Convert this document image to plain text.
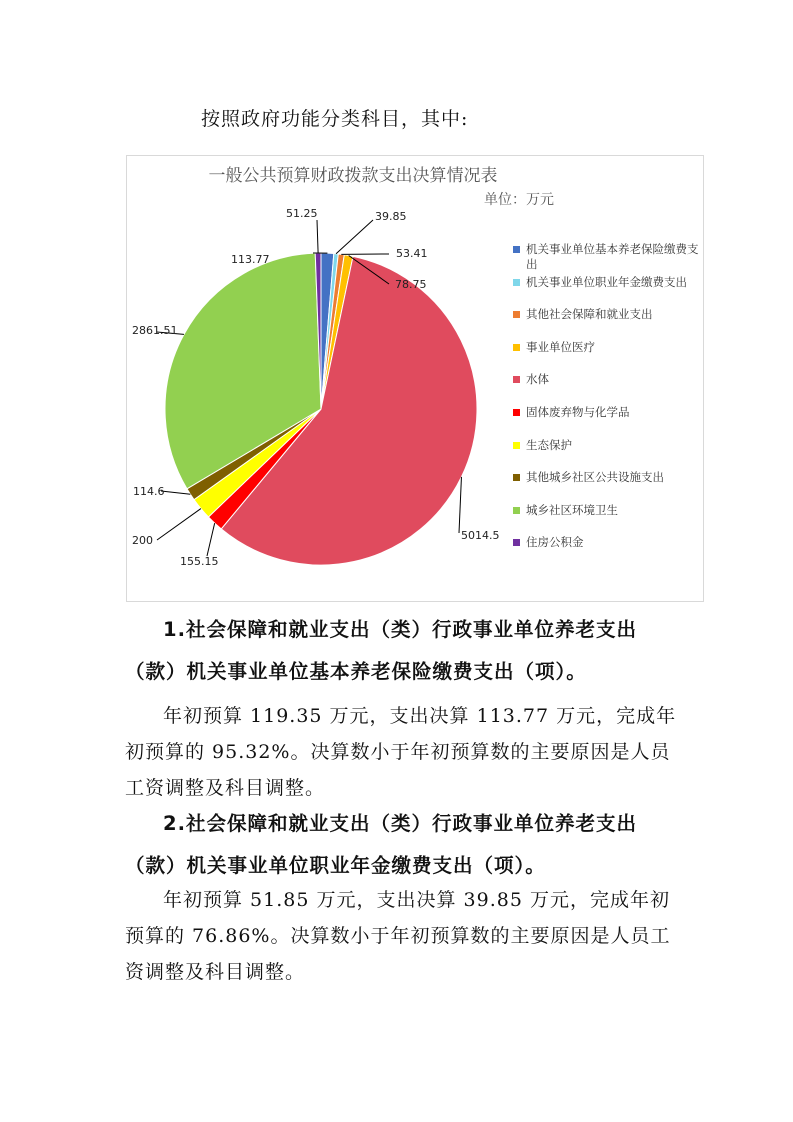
按照政府功能分类科目，其中:
一般公共预算财政拨款支出决算情况表
单位：万元
113.77
39.85
53.41
78.75
5014.5
155.15
200
114.6
2861.51
51.25
机关事业单位基本养老保险缴费支出
机关事业单位职业年金缴费支出
其他社会保障和就业支出
事业单位医疗
水体
固体废弃物与化学品
生态保护
其他城乡社区公共设施支出
城乡社区环境卫生
住房公积金
1.社会保障和就业支出（类）行政事业单位养老支出
（款）机关事业单位基本养老保险缴费支出（项）。
年初预算 119.35 万元，支出决算 113.77 万元，完成年
初预算的 95.32%。决算数小于年初预算数的主要原因是人员
工资调整及科目调整。
2.社会保障和就业支出（类）行政事业单位养老支出
（款）机关事业单位职业年金缴费支出（项）。
年初预算 51.85 万元，支出决算 39.85 万元，完成年初
预算的 76.86%。决算数小于年初预算数的主要原因是人员工
资调整及科目调整。
